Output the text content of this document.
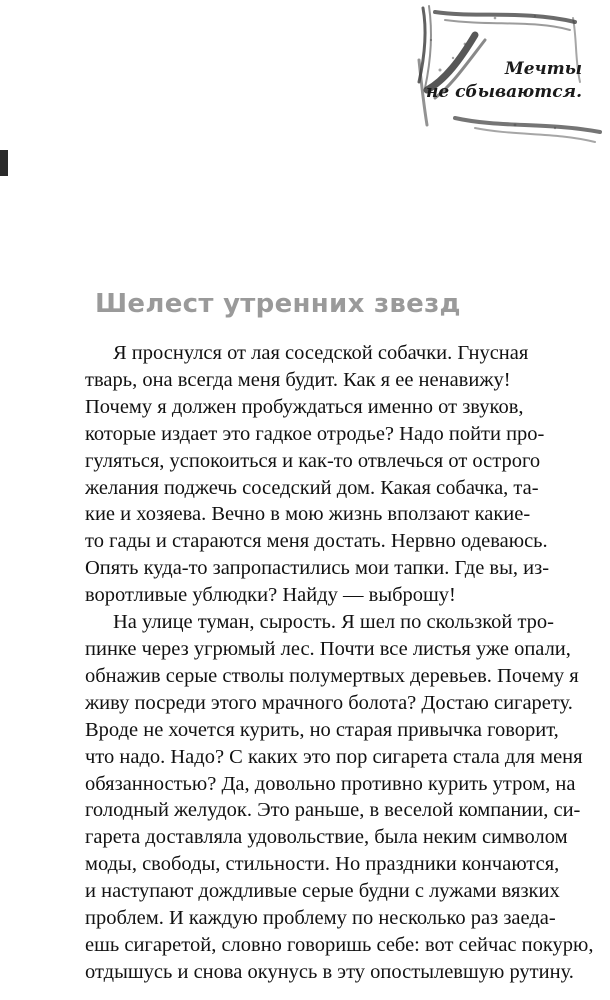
Мечты
не сбываются.
Шелест утренних звезд
Я проснулся от лая соседской собачки. Гнусная
тварь, она всегда меня будит. Как я ее ненавижу!
Почему я должен пробуждаться именно от звуков,
которые издает это гадкое отродье? Надо пойти про-
гуляться, успокоиться и как-то отвлечься от острого
желания поджечь соседский дом. Какая собачка, та-
кие и хозяева. Вечно в мою жизнь вползают какие-
то гады и стараются меня достать. Нервно одеваюсь.
Опять куда-то запропастились мои тапки. Где вы, из-
воротливые ублюдки? Найду — выброшу!
На улице туман, сырость. Я шел по скользкой тро-
пинке через угрюмый лес. Почти все листья уже опали,
обнажив серые стволы полумертвых деревьев. Почему я
живу посреди этого мрачного болота? Достаю сигарету.
Вроде не хочется курить, но старая привычка говорит,
что надо. Надо? С каких это пор сигарета стала для меня
обязанностью? Да, довольно противно курить утром, на
голодный желудок. Это раньше, в веселой компании, си-
гарета доставляла удовольствие, была неким символом
моды, свободы, стильности. Но праздники кончаются,
и наступают дождливые серые будни с лужами вязких
проблем. И каждую проблему по несколько раз заеда-
ешь сигаретой, словно говоришь себе: вот сейчас покурю,
отдышусь и снова окунусь в эту опостылевшую рутину.
